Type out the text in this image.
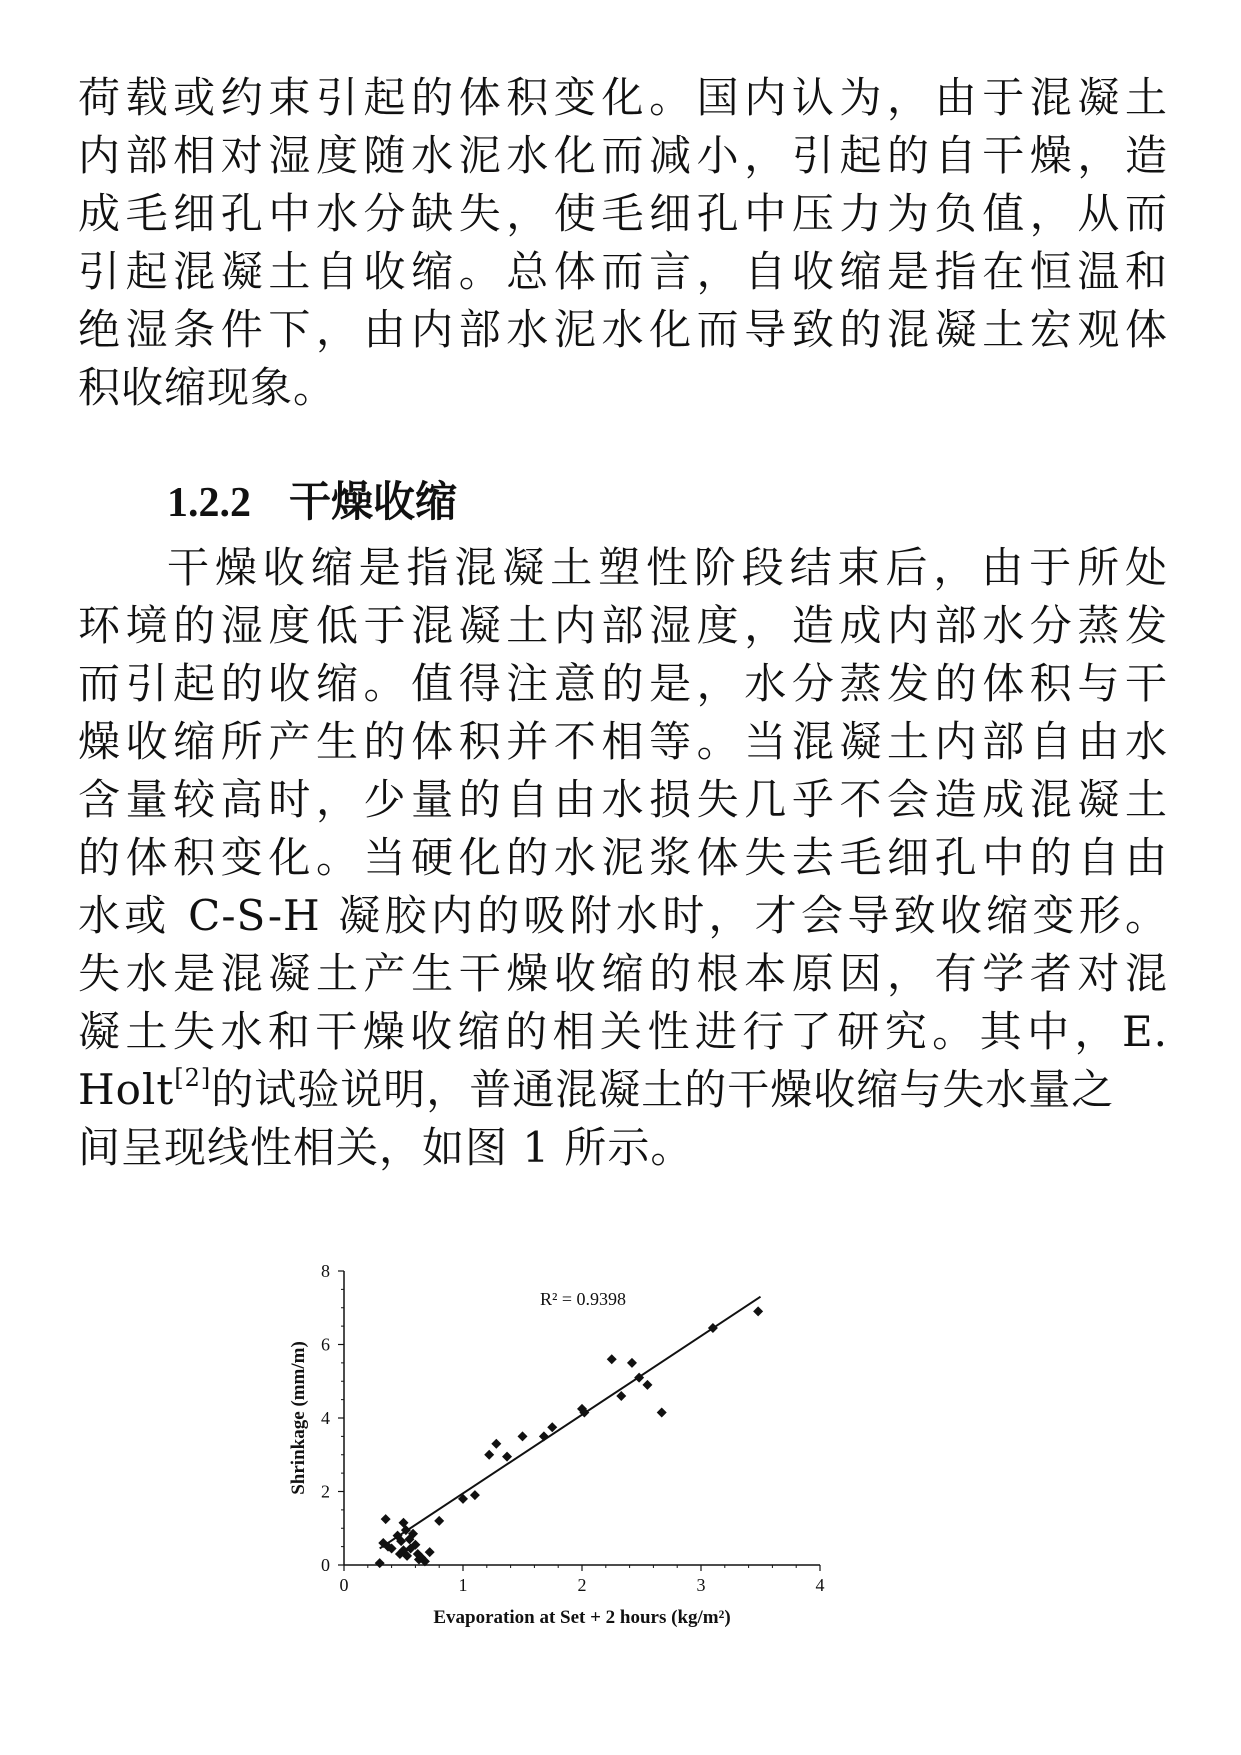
荷载或约束引起的体积变化。国内认为，由于混凝土
内部相对湿度随水泥水化而减小，引起的自干燥，造
成毛细孔中水分缺失，使毛细孔中压力为负值，从而
引起混凝土自收缩。总体而言，自收缩是指在恒温和
绝湿条件下，由内部水泥水化而导致的混凝土宏观体
积收缩现象。
1.2.2 干燥收缩
干燥收缩是指混凝土塑性阶段结束后，由于所处
环境的湿度低于混凝土内部湿度，造成内部水分蒸发
而引起的收缩。值得注意的是，水分蒸发的体积与干
燥收缩所产生的体积并不相等。当混凝土内部自由水
含量较高时，少量的自由水损失几乎不会造成混凝土
的体积变化。当硬化的水泥浆体失去毛细孔中的自由
水或 C-S-H 凝胶内的吸附水时，才会导致收缩变形。
失水是混凝土产生干燥收缩的根本原因，有学者对混
凝土失水和干燥收缩的相关性进行了研究。其中，E.
Holt[2]的试验说明，普通混凝土的干燥收缩与失水量之
间呈现线性相关，如图 1 所示。
0	1	2	3	4
0
2
4
6
8
Evaporation at Set + 2 hours (kg/m²)
Shrinkage (mm/m)
R² = 0.9398
